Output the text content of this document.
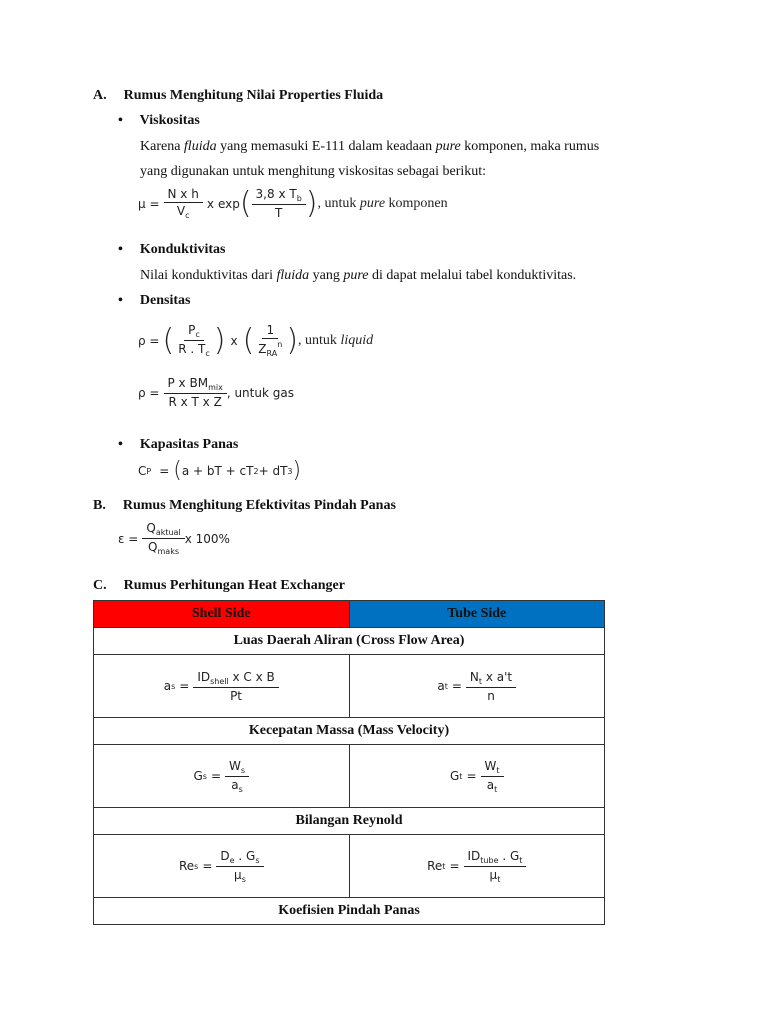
A. Rumus Menghitung Nilai Properties Fluida
• Viskositas
Karena fluida yang memasuki E-111 dalam keadaan pure komponen, maka rumus
yang digunakan untuk menghitung viskositas sebagai berikut:
$\mu = \frac{\text{N x h}}{V_c}$ x exp ( $\frac{3,8 x T_b}{T}$ ) , untuk pure komponen
• Konduktivitas
Nilai konduktivitas dari fluida yang pure di dapat melalui tabel konduktivitas.
• Densitas
ρ = ( $\frac{P_c}{R . T_c}$ ) x ( $\frac{1}{Z_{RA}^n}$ ) , untuk liquid
$\rho = \frac{P x BM_{mix}}{\text{R x T x Z}}$ , untuk gas
• Kapasitas Panas
C P = ( a + bT + cT 2 + dT 3 )
B. Rumus Menghitung Efektivitas Pindah Panas
$\varepsilon = \frac{Q_{aktual}}{Q_{maks}}$ x 100%
C. Rumus Perhitungan Heat Exchanger
Shell Side	Tube Side
Luas Daerah Aliran (Cross Flow Area)	

a $s = \frac{ID_{shell} x C x B}{Pt}$	a $t = \frac{N_t x a't}{n}$

Kecepatan Massa (Mass Velocity)	

G $s = \frac{W_s}{a_s}$	G $t = \frac{W_t}{a_t}$

Bilangan Reynold	

Re $s = \frac{D_e . G_s}{\mu_s}$	Re $t = \frac{ID_{tube} . G_t}{\mu_t}$

Koefisien Pindah Panas	
